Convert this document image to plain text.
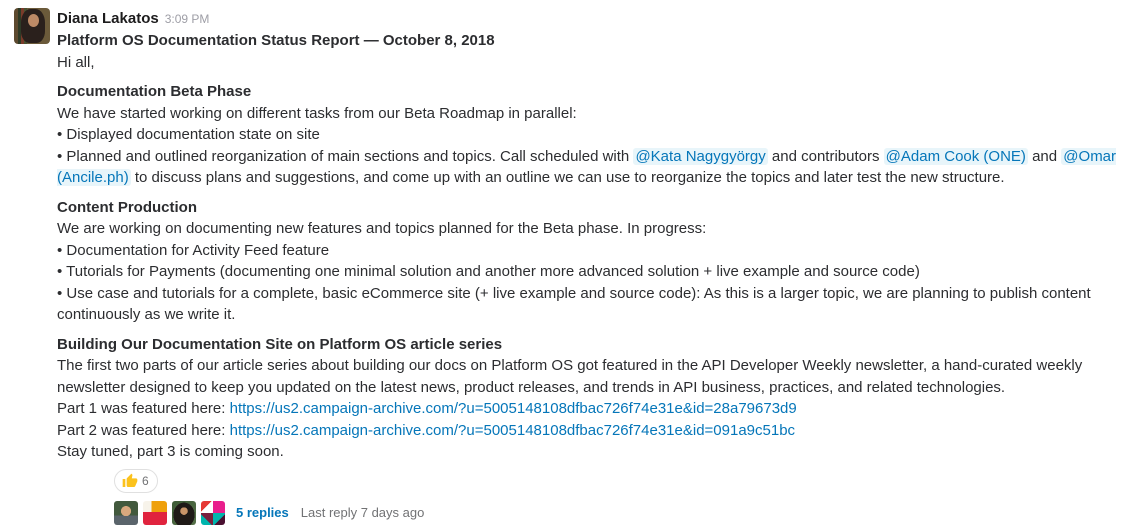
Diana Lakatos 3:09 PM
Platform OS Documentation Status Report — October 8, 2018
Hi all,
Documentation Beta Phase
We have started working on different tasks from our Beta Roadmap in parallel:
• Displayed documentation state on site
• Planned and outlined reorganization of main sections and topics. Call scheduled with @Kata Nagygyörgy and contributors @Adam Cook (ONE) and @Omar (Ancile.ph) to discuss plans and suggestions, and come up with an outline we can use to reorganize the topics and later test the new structure.
Content Production
We are working on documenting new features and topics planned for the Beta phase. In progress:
• Documentation for Activity Feed feature
• Tutorials for Payments (documenting one minimal solution and another more advanced solution + live example and source code)
• Use case and tutorials for a complete, basic eCommerce site (+ live example and source code): As this is a larger topic, we are planning to publish content continuously as we write it.
Building Our Documentation Site on Platform OS article series
The first two parts of our article series about building our docs on Platform OS got featured in the API Developer Weekly newsletter, a hand-curated weekly newsletter designed to keep you updated on the latest news, product releases, and trends in API business, practices, and related technologies.
Part 1 was featured here: https://us2.campaign-archive.com/?u=5005148108dfbac726f74e31e&id=28a79673d9
Part 2 was featured here: https://us2.campaign-archive.com/?u=5005148108dfbac726f74e31e&id=091a9c51bc
Stay tuned, part 3 is coming soon.
6
5 replies Last reply 7 days ago
